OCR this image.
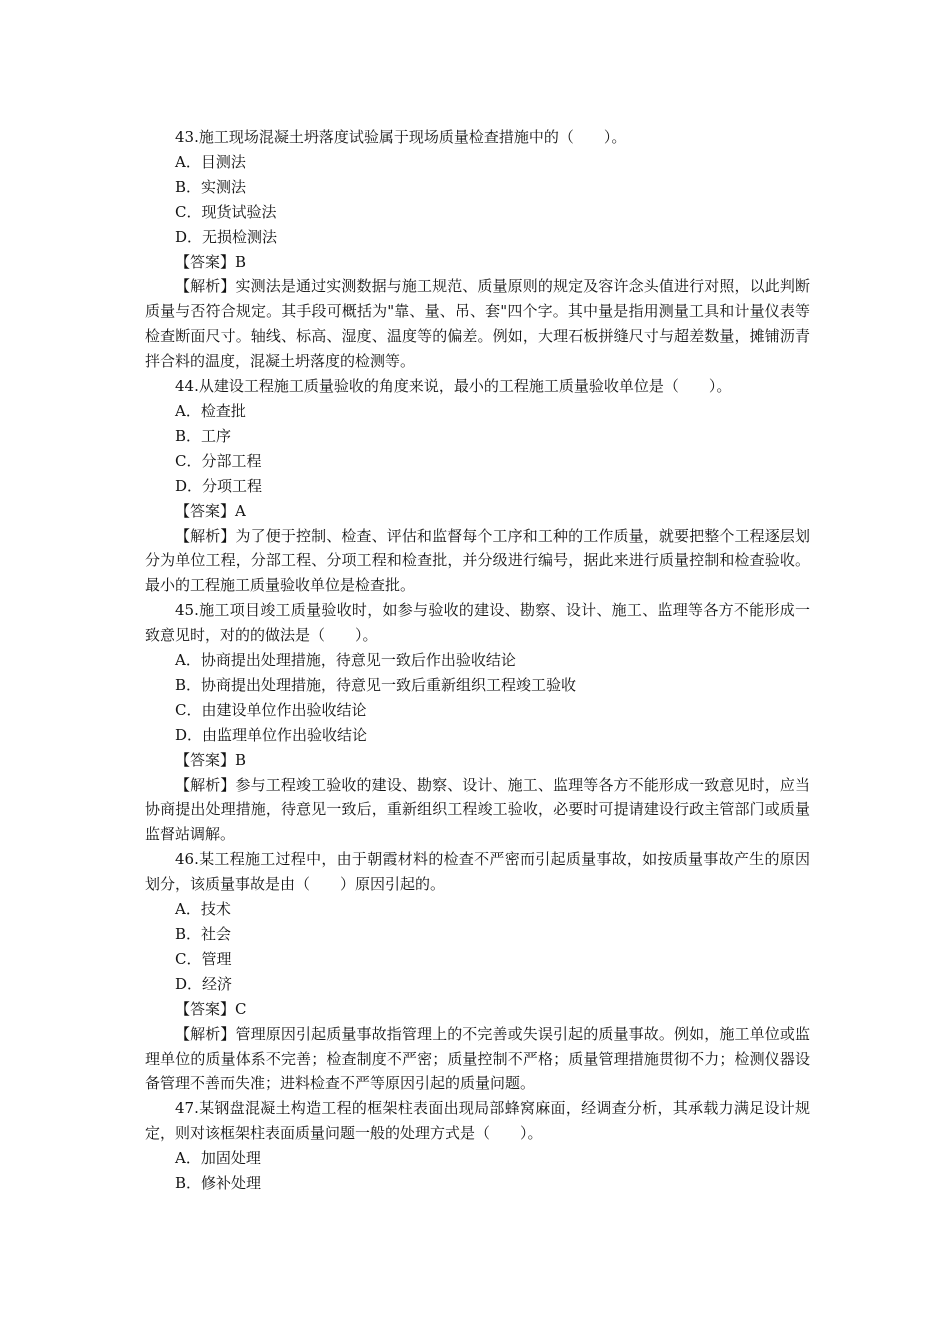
43.施工现场混凝土坍落度试验属于现场质量检查措施中的（　　）。

A．目测法
B．实测法
C．现货试验法
D．无损检测法
【答案】B

【解析】实测法是通过实测数据与施工规范、质量原则的规定及容许念头值进行对照，以此判断质量与否符合规定。其手段可概括为"靠、量、吊、套"四个字。其中量是指用测量工具和计量仪表等检查断面尺寸。轴线、标高、湿度、温度等的偏差。例如，大理石板拼缝尺寸与超差数量，摊铺沥青拌合料的温度，混凝土坍落度的检测等。

44.从建设工程施工质量验收的角度来说，最小的工程施工质量验收单位是（　　）。

A．检查批
B．工序
C．分部工程
D．分项工程
【答案】A

【解析】为了便于控制、检查、评估和监督每个工序和工种的工作质量，就要把整个工程逐层划分为单位工程，分部工程、分项工程和检查批，并分级进行编号，据此来进行质量控制和检查验收。最小的工程施工质量验收单位是检查批。

45.施工项目竣工质量验收时，如参与验收的建设、勘察、设计、施工、监理等各方不能形成一致意见时，对的的做法是（　　）。

A．协商提出处理措施，待意见一致后作出验收结论
B．协商提出处理措施，待意见一致后重新组织工程竣工验收
C．由建设单位作出验收结论
D．由监理单位作出验收结论
【答案】B

【解析】参与工程竣工验收的建设、勘察、设计、施工、监理等各方不能形成一致意见时，应当协商提出处理措施，待意见一致后，重新组织工程竣工验收，必要时可提请建设行政主管部门或质量监督站调解。

46.某工程施工过程中，由于朝霞材料的检查不严密而引起质量事故，如按质量事故产生的原因划分，该质量事故是由（　　）原因引起的。

A．技术
B．社会
C．管理
D．经济
【答案】C

【解析】管理原因引起质量事故指管理上的不完善或失误引起的质量事故。例如，施工单位或监理单位的质量体系不完善；检查制度不严密；质量控制不严格；质量管理措施贯彻不力；检测仪器设备管理不善而失准；进料检查不严等原因引起的质量问题。

47.某钢盘混凝土构造工程的框架柱表面出现局部蜂窝麻面，经调查分析，其承载力满足设计规定，则对该框架柱表面质量问题一般的处理方式是（　　）。

A．加固处理
B．修补处理
